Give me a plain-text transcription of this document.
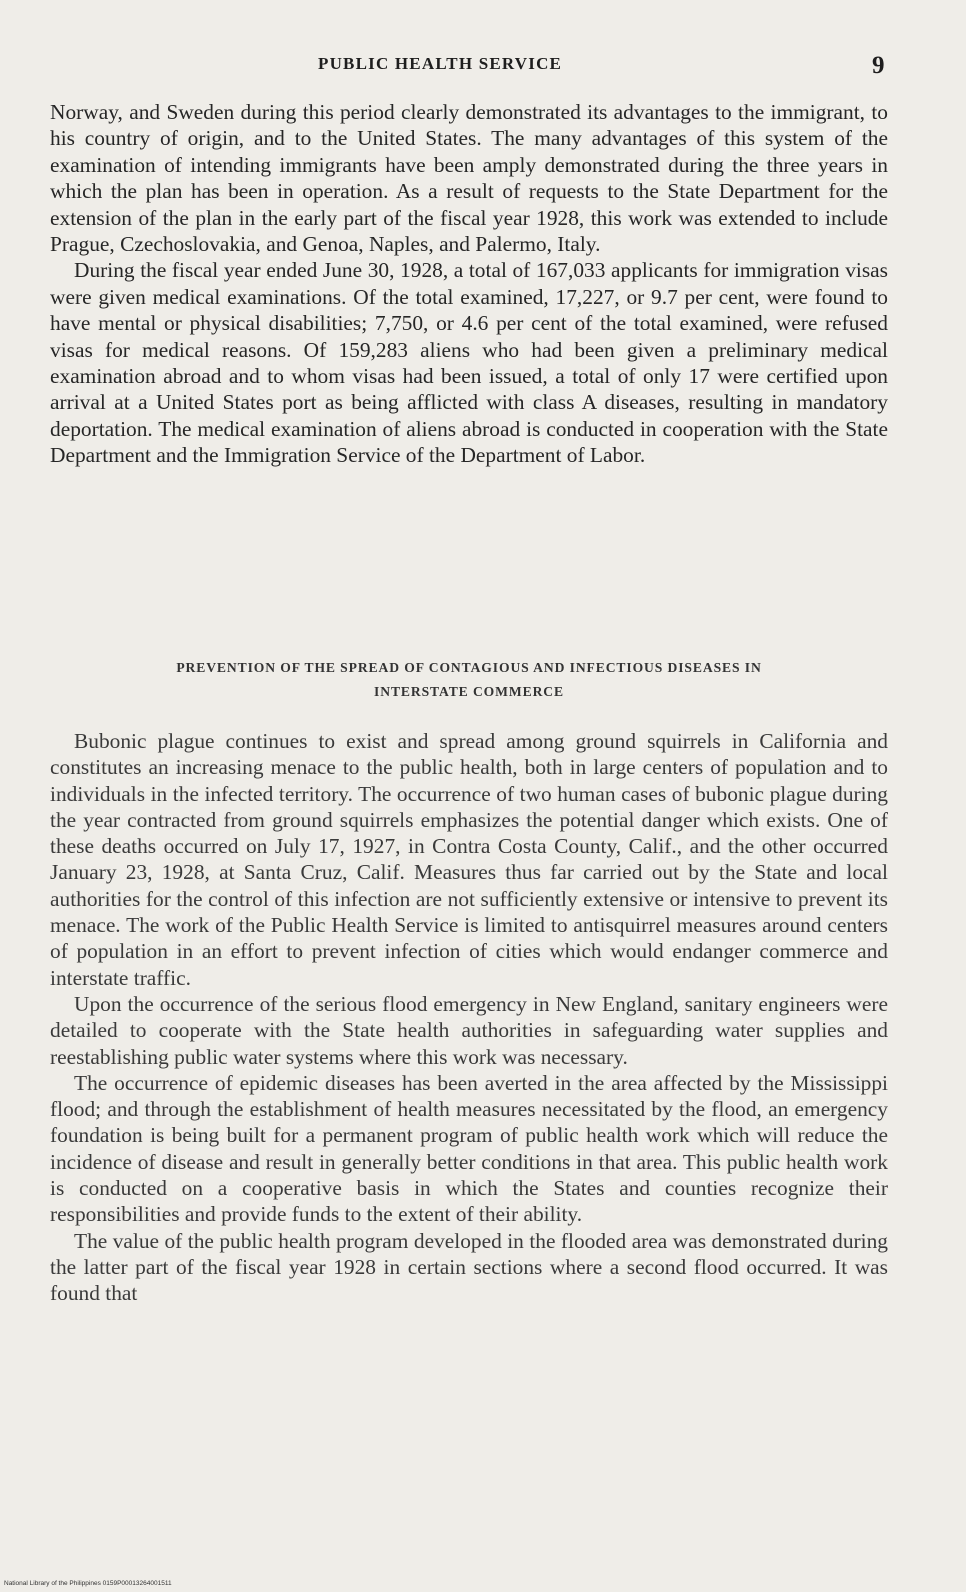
PUBLIC HEALTH SERVICE	9

Norway, and Sweden during this period clearly demonstrated its advantages to the immigrant, to his country of origin, and to the United States. The many advantages of this system of the examination of intending immigrants have been amply demonstrated during the three years in which the plan has been in operation. As a result of requests to the State Department for the extension of the plan in the early part of the fiscal year 1928, this work was extended to include Prague, Czechoslovakia, and Genoa, Naples, and Palermo, Italy.

During the fiscal year ended June 30, 1928, a total of 167,033 applicants for immigration visas were given medical examinations. Of the total examined, 17,227, or 9.7 per cent, were found to have mental or physical disabilities; 7,750, or 4.6 per cent of the total examined, were refused visas for medical reasons. Of 159,283 aliens who had been given a preliminary medical examination abroad and to whom visas had been issued, a total of only 17 were certified upon arrival at a United States port as being afflicted with class A diseases, resulting in mandatory deportation. The medical examination of aliens abroad is conducted in cooperation with the State Department and the Immigration Service of the Department of Labor.

PREVENTION OF THE SPREAD OF CONTAGIOUS AND INFECTIOUS DISEASES IN
INTERSTATE COMMERCE

Bubonic plague continues to exist and spread among ground squirrels in California and constitutes an increasing menace to the public health, both in large centers of population and to individuals in the infected territory. The occurrence of two human cases of bubonic plague during the year contracted from ground squirrels emphasizes the potential danger which exists. One of these deaths occurred on July 17, 1927, in Contra Costa County, Calif., and the other occurred January 23, 1928, at Santa Cruz, Calif. Measures thus far carried out by the State and local authorities for the control of this infection are not sufficiently extensive or intensive to prevent its menace. The work of the Public Health Service is limited to antisquirrel measures around centers of population in an effort to prevent infection of cities which would endanger commerce and interstate traffic.

Upon the occurrence of the serious flood emergency in New England, sanitary engineers were detailed to cooperate with the State health authorities in safeguarding water supplies and reestablishing public water systems where this work was necessary.

The occurrence of epidemic diseases has been averted in the area affected by the Mississippi flood; and through the establishment of health measures necessitated by the flood, an emergency foundation is being built for a permanent program of public health work which will reduce the incidence of disease and result in generally better conditions in that area. This public health work is conducted on a cooperative basis in which the States and counties recognize their responsibilities and provide funds to the extent of their ability.

The value of the public health program developed in the flooded area was demonstrated during the latter part of the fiscal year 1928 in certain sections where a second flood occurred. It was found that

National Library of the Philippines 0159P00013264001511
